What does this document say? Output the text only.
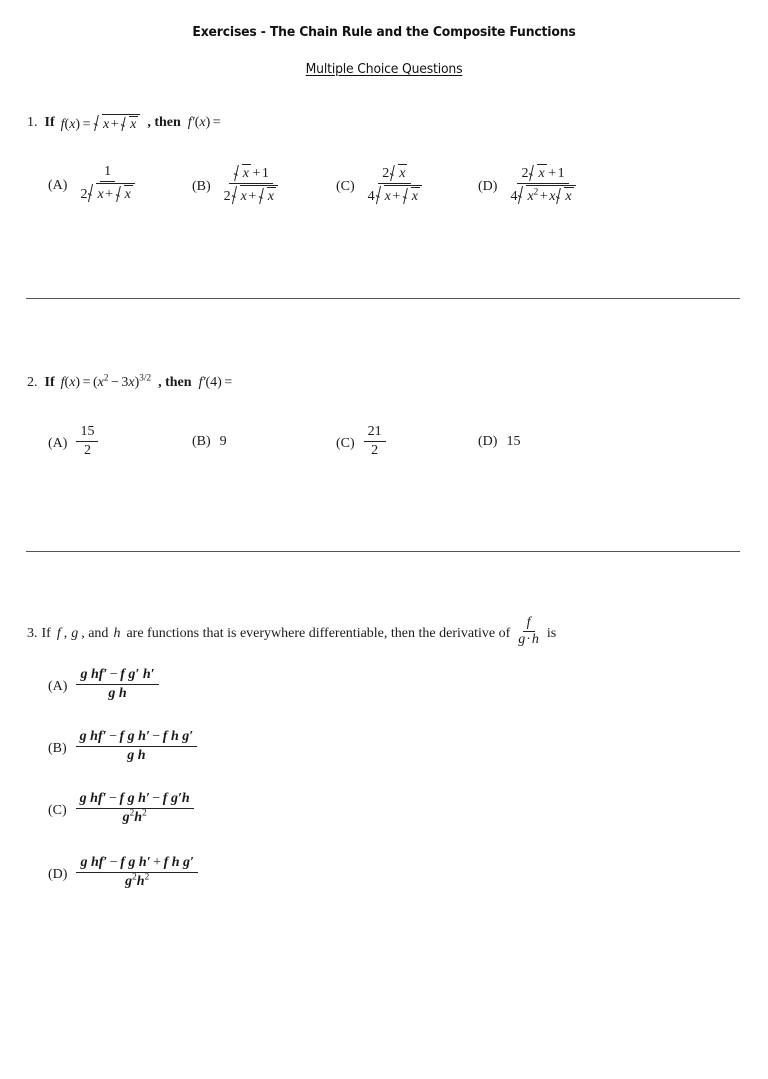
Exercises - The Chain Rule and the Composite Functions
Multiple Choice Questions
1. If f(x) = x + x , then f′(x) =
$(A) \frac{1}{2 x + x}$	$(B) \frac{x + 1}{2 x + x}$	$(C) \frac{2 x}{4 x + x}$	$(D) \frac{2 x + 1}{4 x^2 + x x}$
2. If $f(x) = (x^2 - 3x)^{3/2}$ , then f′(4) =
$(A) \frac{15}{2}$	(B) 9	$(C) \frac{21}{2}$	(D) 15
3. If f , g , and h are functions that is everywhere differentiable, then the derivative of $\frac{f}{g\cdot h}$ is
$(A) \frac{\text{g hf′ − f g′ h′}}{\text{g h}}$
$(B) \frac{\text{g hf′ − f g h′ − f h g′}}{\text{g h}}$
$(C) \frac{\text{g hf′ − f g h′ − f g′h}}{g^2h^2}$
$(D) \frac{\text{g hf′ − f g h′ + f h g′}}{g^2h^2}$
